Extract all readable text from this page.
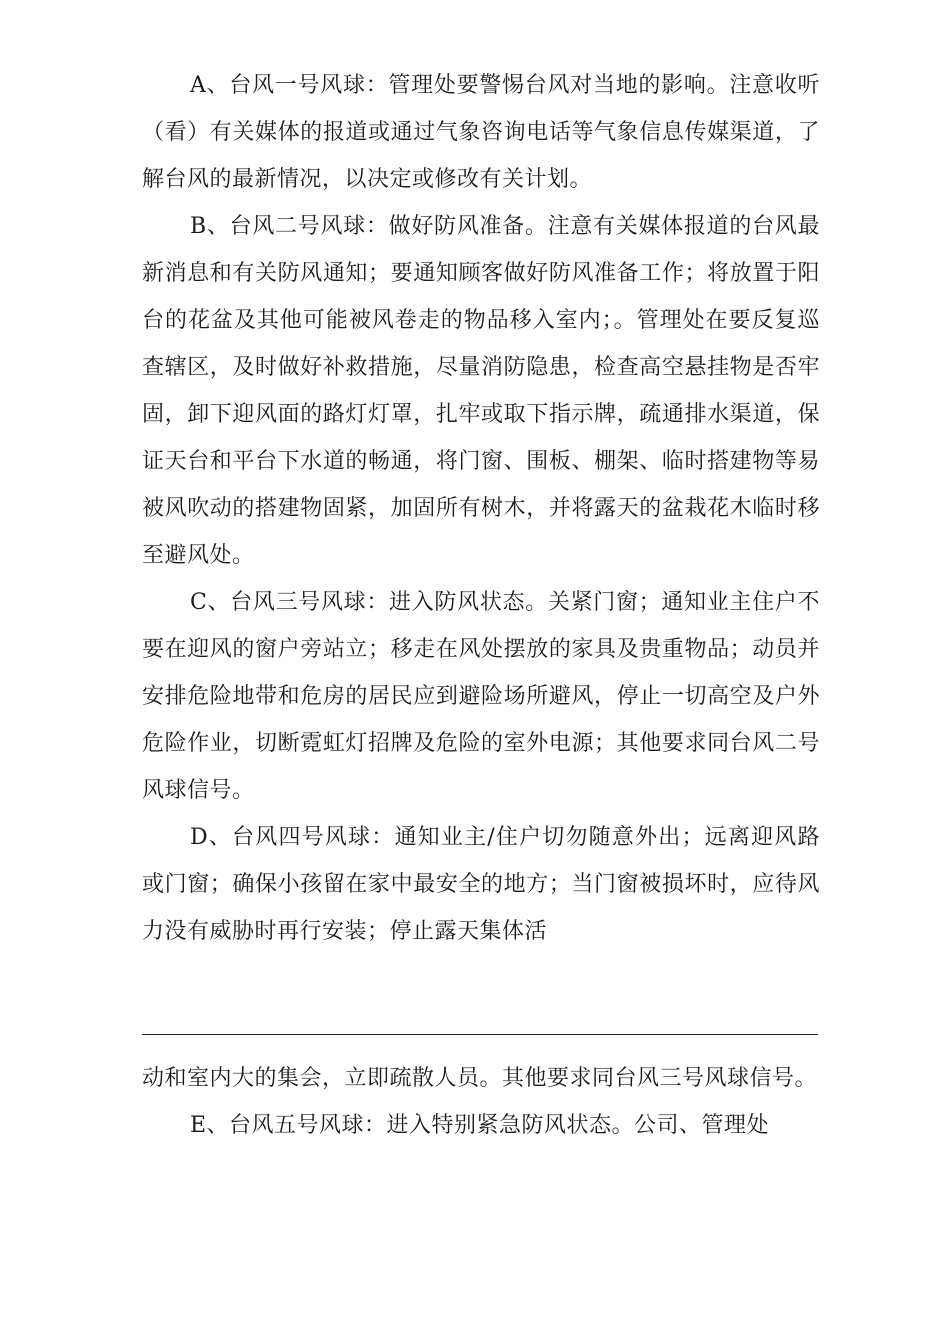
A、台风一号风球：管理处要警惕台风对当地的影响。注意收听（看）有关媒体的报道或通过气象咨询电话等气象信息传媒渠道，了解台风的最新情况，以决定或修改有关计划。

B、台风二号风球：做好防风准备。注意有关媒体报道的台风最新消息和有关防风通知；要通知顾客做好防风准备工作；将放置于阳台的花盆及其他可能被风卷走的物品移入室内；。管理处在要反复巡查辖区，及时做好补救措施，尽量消防隐患，检查高空悬挂物是否牢固，卸下迎风面的路灯灯罩，扎牢或取下指示牌，疏通排水渠道，保证天台和平台下水道的畅通，将门窗、围板、棚架、临时搭建物等易被风吹动的搭建物固紧，加固所有树木，并将露天的盆栽花木临时移至避风处。

C、台风三号风球：进入防风状态。关紧门窗；通知业主住户不要在迎风的窗户旁站立；移走在风处摆放的家具及贵重物品；动员并安排危险地带和危房的居民应到避险场所避风，停止一切高空及户外危险作业，切断霓虹灯招牌及危险的室外电源；其他要求同台风二号风球信号。

D、台风四号风球：通知业主/住户切勿随意外出；远离迎风路或门窗；确保小孩留在家中最安全的地方；当门窗被损坏时，应待风力没有威胁时再行安装；停止露天集体活

动和室内大的集会，立即疏散人员。其他要求同台风三号风球信号。

E、台风五号风球：进入特别紧急防风状态。公司、管理处
